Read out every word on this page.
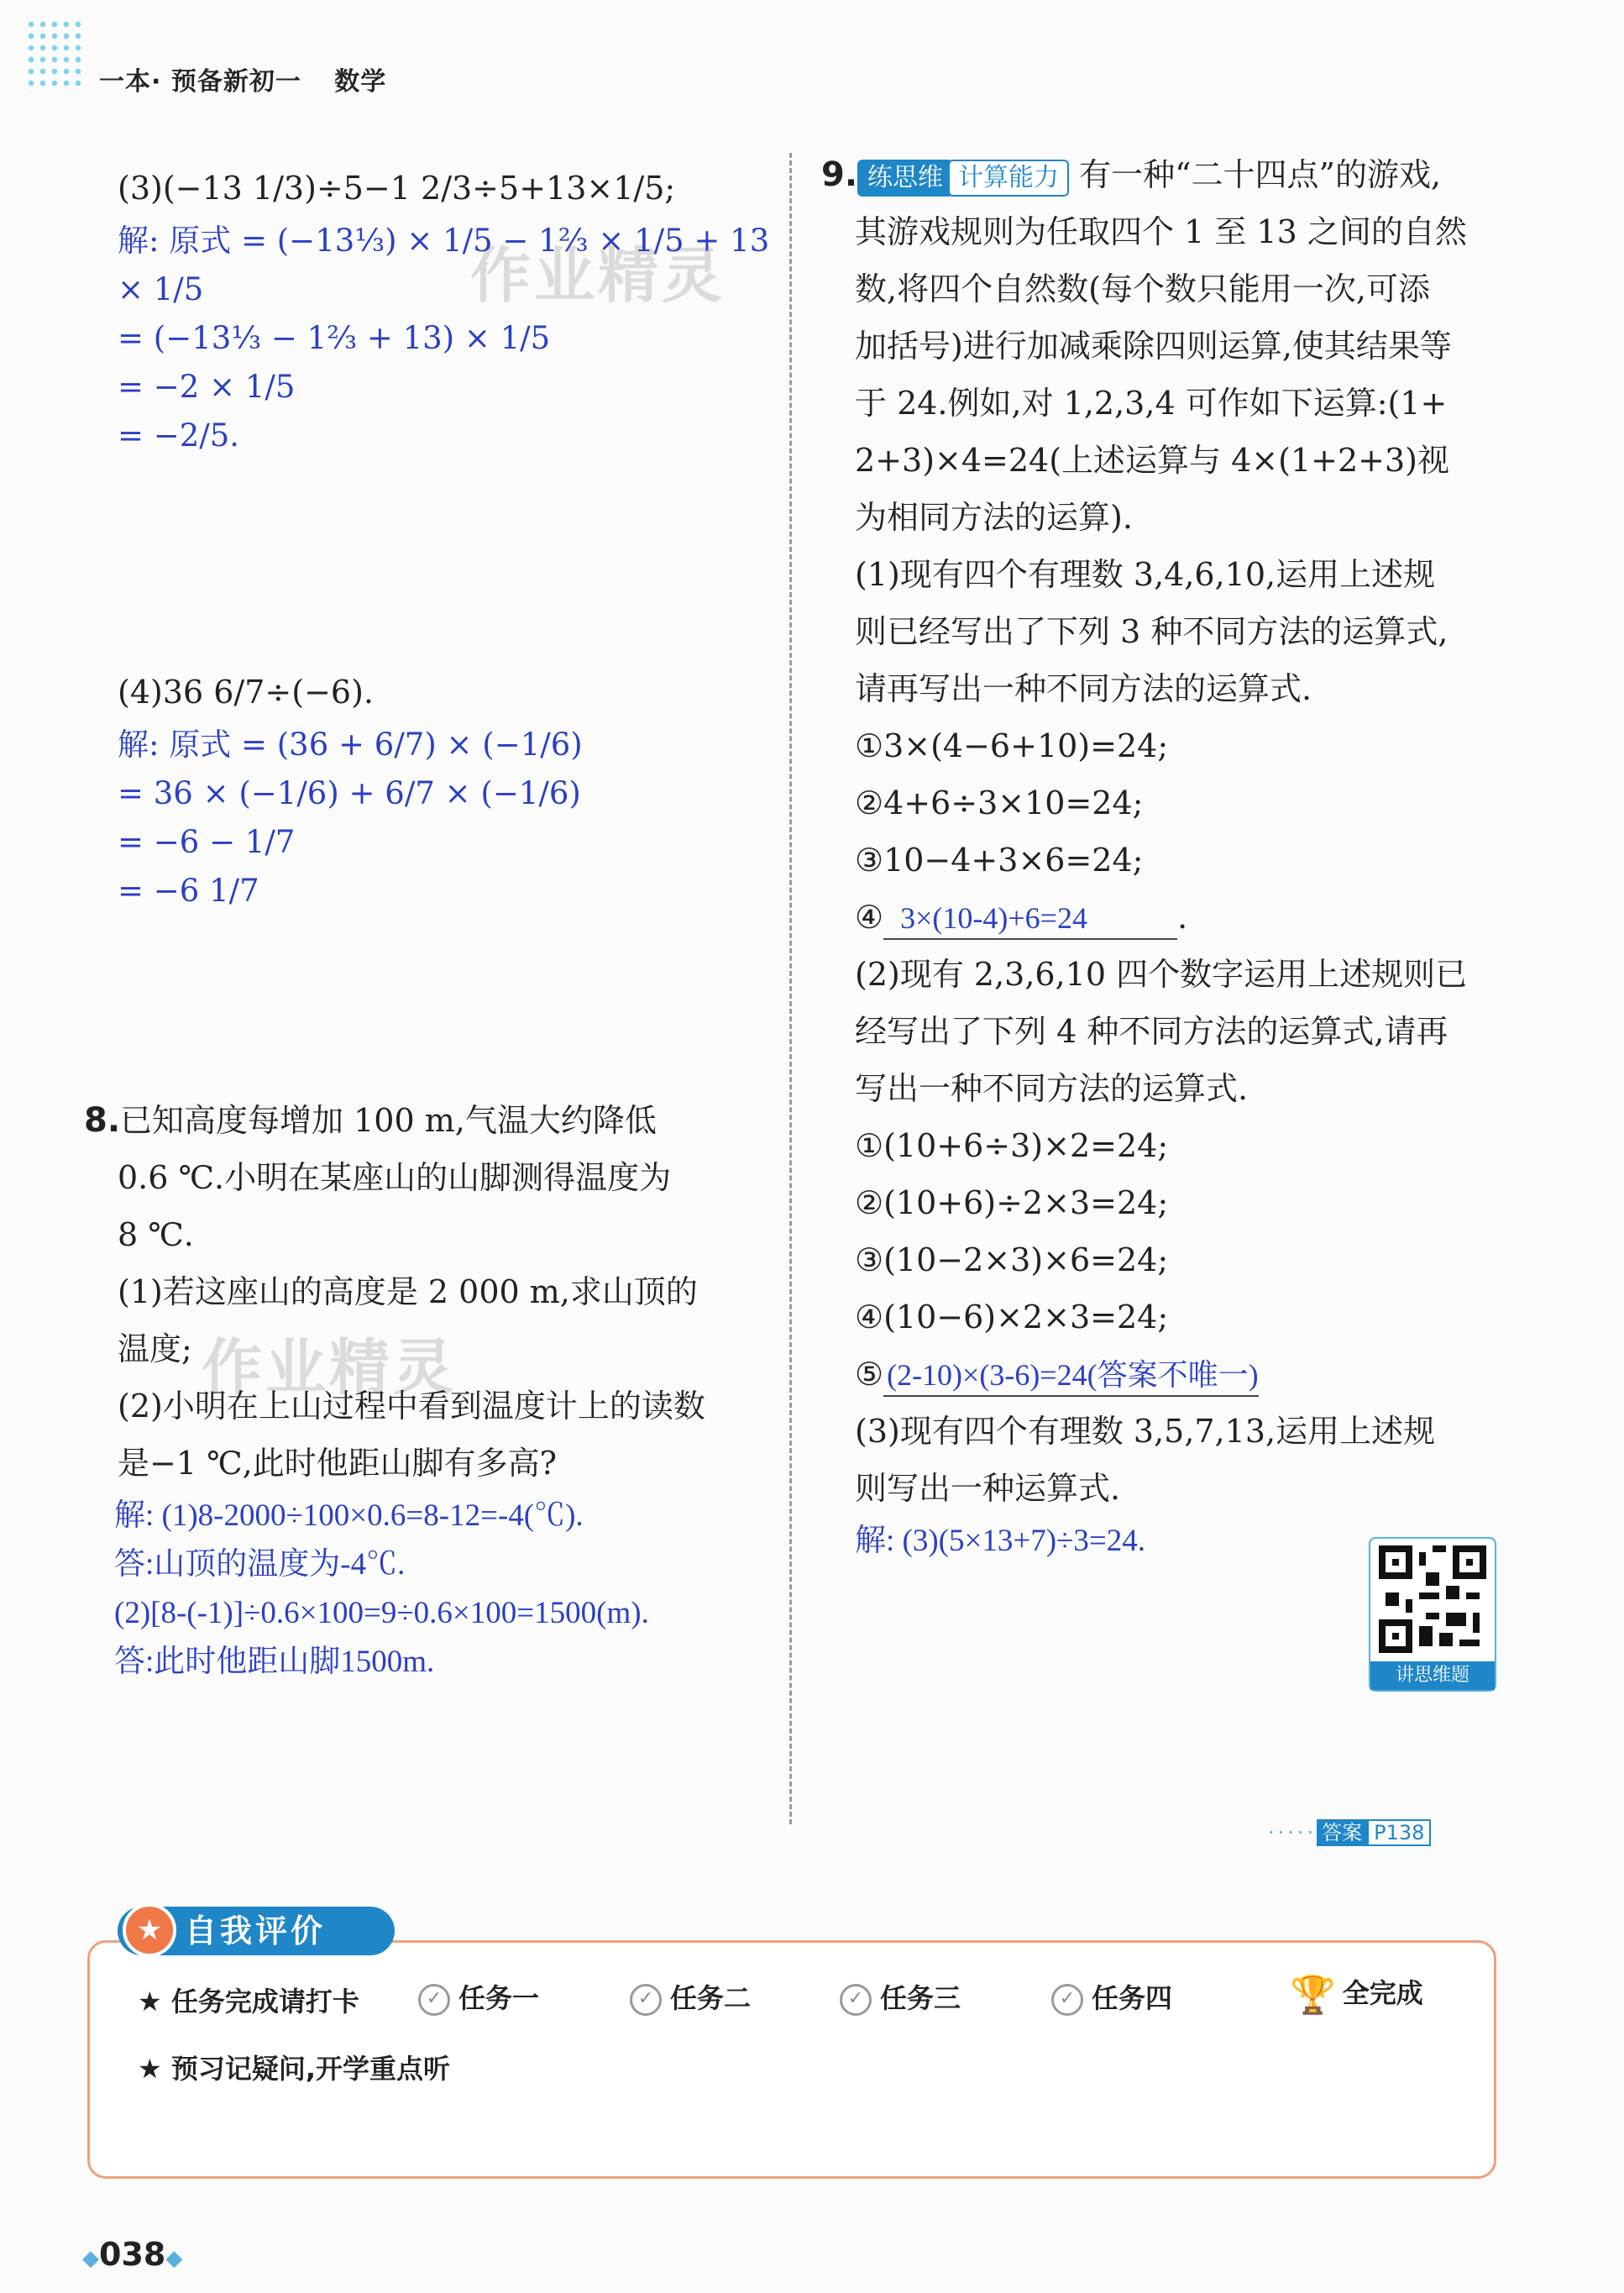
一本· 预备新初一 数学
作业精灵
作业精灵
(3)(−13 1/3)÷5−1 2/3÷5+13×1/5;
解: 原式 = (−13⅓) × 1/5 − 1⅔ × 1/5 + 13 × 1/5
= (−13⅓ − 1⅔ + 13) × 1/5
= −2 × 1/5
= −2/5.
(4)36 6/7÷(−6).
解: 原式 = (36 + 6/7) × (−1/6)
= 36 × (−1/6) + 6/7 × (−1/6)
= −6 − 1/7
= −6 1/7
8.已知高度每增加 100 m,气温大约降低
0.6 ℃.小明在某座山的山脚测得温度为
8 ℃.
(1)若这座山的高度是 2 000 m,求山顶的
温度;
(2)小明在上山过程中看到温度计上的读数
是−1 ℃,此时他距山脚有多高?
解: (1)8-2000÷100×0.6=8-12=-4(℃).
答:山顶的温度为-4℃.
(2)[8-(-1)]÷0.6×100=9÷0.6×100=1500(m).
答:此时他距山脚1500m.
9. 练思维 计算能力 有一种“二十四点”的游戏,
其游戏规则为任取四个 1 至 13 之间的自然
数,将四个自然数(每个数只能用一次,可添
加括号)进行加减乘除四则运算,使其结果等
于 24.例如,对 1,2,3,4 可作如下运算:(1+
2+3)×4=24(上述运算与 4×(1+2+3)视
为相同方法的运算).
(1)现有四个有理数 3,4,6,10,运用上述规
则已经写出了下列 3 种不同方法的运算式,
请再写出一种不同方法的运算式.
①3×(4−6+10)=24;
②4+6÷3×10=24;
③10−4+3×6=24;
④ 3×(10-4)+6=24	.
(2)现有 2,3,6,10 四个数字运用上述规则已
经写出了下列 4 种不同方法的运算式,请再
写出一种不同方法的运算式.
①(10+6÷3)×2=24;
②(10+6)÷2×3=24;
③(10−2×3)×6=24;
④(10−6)×2×3=24;
⑤ (2-10)×(3-6)=24(答案不唯一)
(3)现有四个有理数 3,5,7,13,运用上述规
则写出一种运算式.
解: (3)(5×13+7)÷3=24.
讲思维题
····· 答案 P138
自我评价
★
★ 任务完成请打卡	✓ 任务一	✓ 任务二	✓ 任务三	✓ 任务四	🏆 全完成
★ 预习记疑问,开学重点听
◆038◆
